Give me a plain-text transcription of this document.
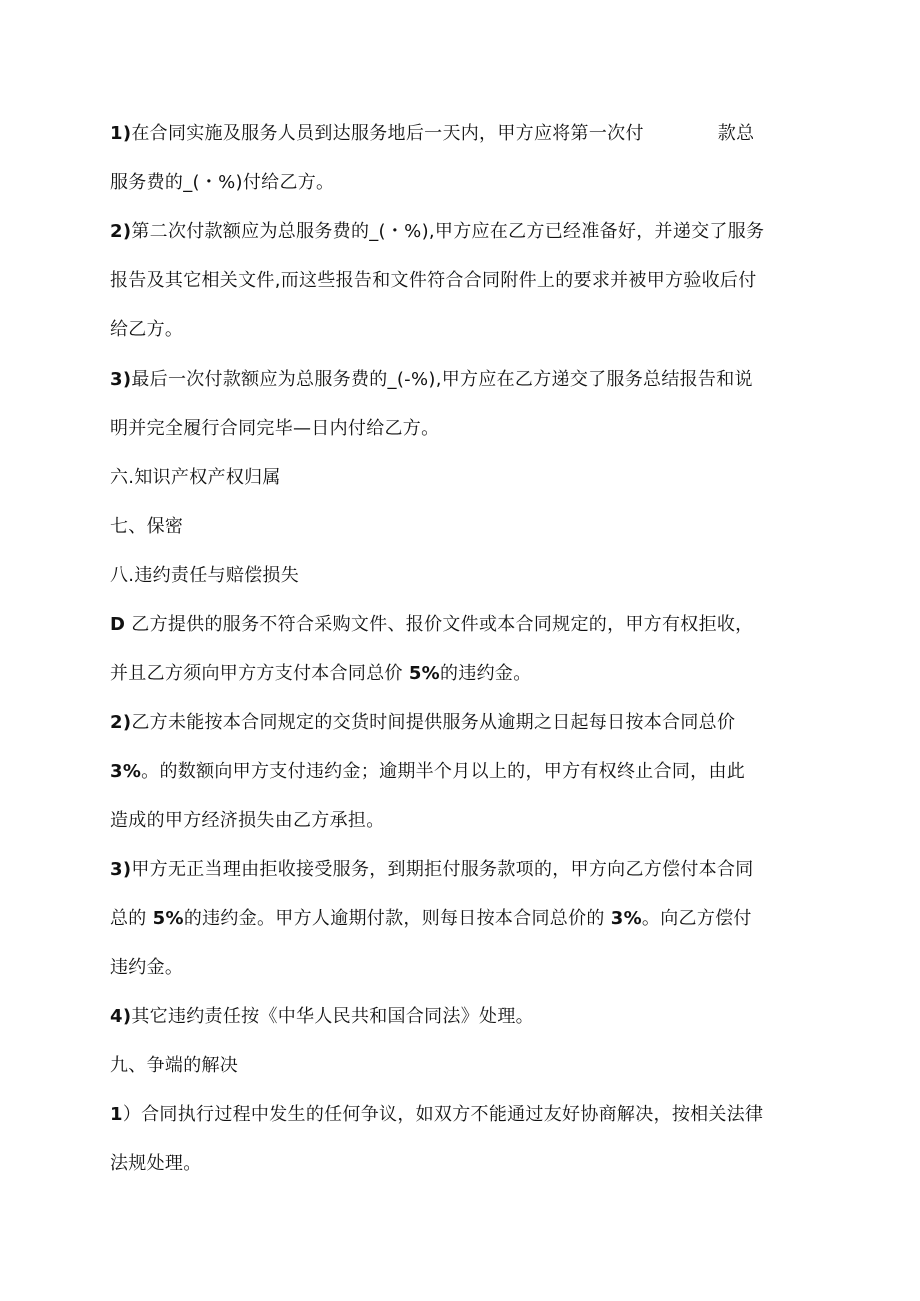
1)在合同实施及服务人员到达服务地后一天内，甲方应将第一次付	款总
服务费的_(・%)付给乙方。
2)第二次付款额应为总服务费的_(・%),甲方应在乙方已经准备好，并递交了服务
报告及其它相关文件,而这些报告和文件符合合同附件上的要求并被甲方验收后付
给乙方。
3)最后一次付款额应为总服务费的_(-%),甲方应在乙方递交了服务总结报告和说
明并完全履行合同完毕—日内付给乙方。
六.知识产权产权归属
七、保密
八.违约责任与赔偿损失
D 乙方提供的服务不符合采购文件、报价文件或本合同规定的，甲方有权拒收，
并且乙方须向甲方方支付本合同总价 5%的违约金。
2)乙方未能按本合同规定的交货时间提供服务从逾期之日起每日按本合同总价
3%。的数额向甲方支付违约金；逾期半个月以上的，甲方有权终止合同，由此
造成的甲方经济损失由乙方承担。
3)甲方无正当理由拒收接受服务，到期拒付服务款项的，甲方向乙方偿付本合同
总的 5%的违约金。甲方人逾期付款，则每日按本合同总价的 3%。向乙方偿付
违约金。
4)其它违约责任按《中华人民共和国合同法》处理。
九、争端的解决
1）合同执行过程中发生的任何争议，如双方不能通过友好协商解决，按相关法律
法规处理。
